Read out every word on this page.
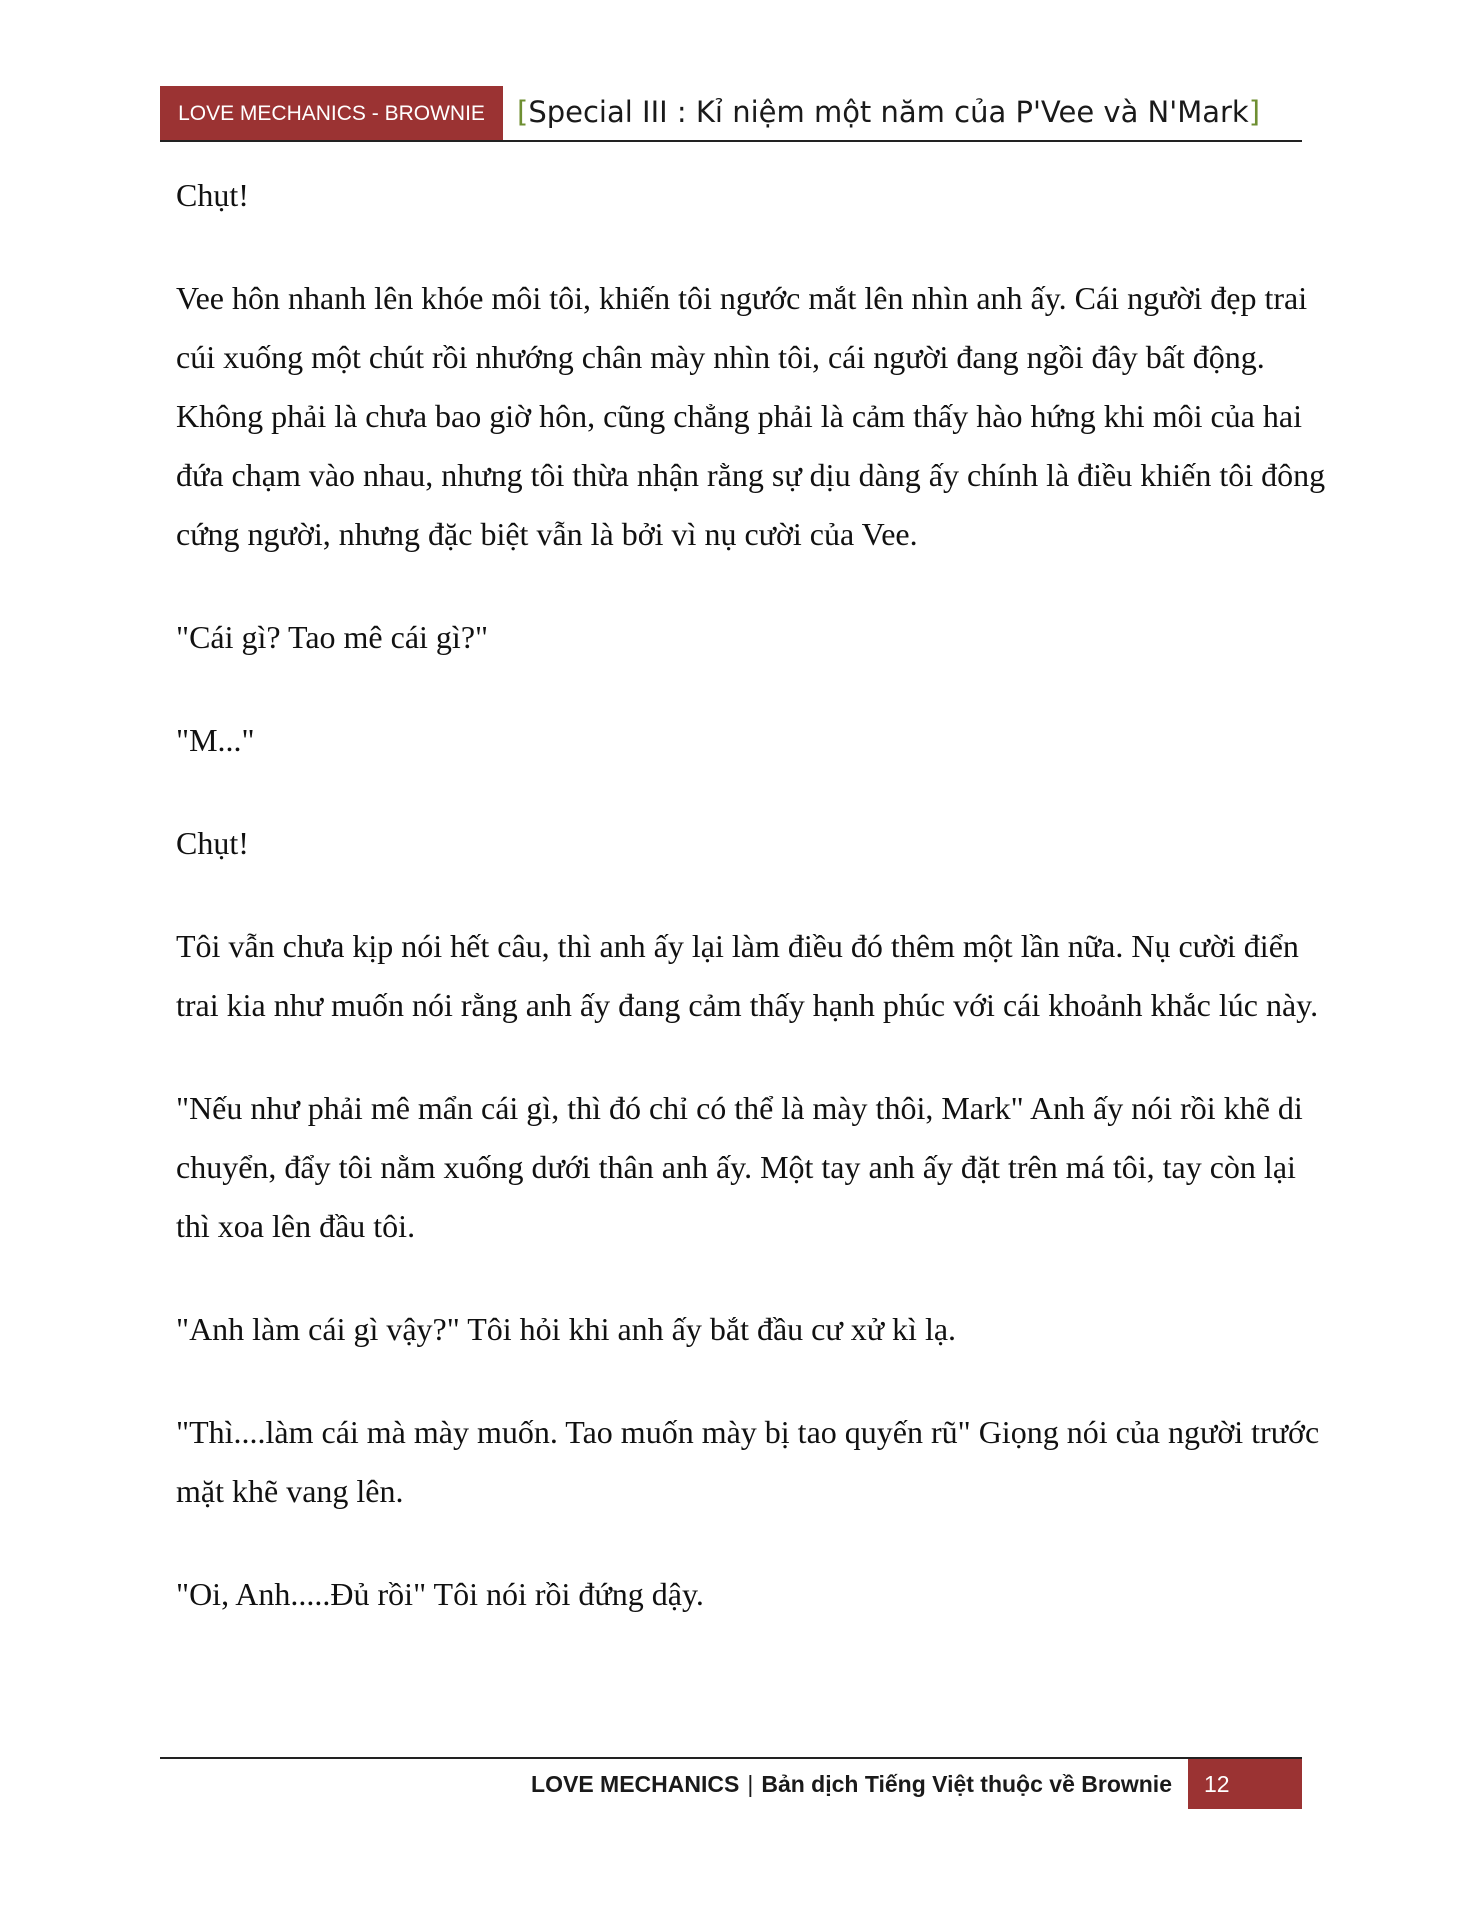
LOVE MECHANICS - BROWNIE	[Special III : Kỉ niệm một năm của P'Vee và N'Mark]

Chụt!

Vee hôn nhanh lên khóe môi tôi, khiến tôi ngước mắt lên nhìn anh ấy. Cái người đẹp trai cúi xuống một chút rồi nhướng chân mày nhìn tôi, cái người đang ngồi đây bất động. Không phải là chưa bao giờ hôn, cũng chẳng phải là cảm thấy hào hứng khi môi của hai đứa chạm vào nhau, nhưng tôi thừa nhận rằng sự dịu dàng ấy chính là điều khiến tôi đông cứng người, nhưng đặc biệt vẫn là bởi vì nụ cười của Vee.

"Cái gì? Tao mê cái gì?"

"M..."

Chụt!

Tôi vẫn chưa kịp nói hết câu, thì anh ấy lại làm điều đó thêm một lần nữa. Nụ cười điển trai kia như muốn nói rằng anh ấy đang cảm thấy hạnh phúc với cái khoảnh khắc lúc này.

"Nếu như phải mê mẩn cái gì, thì đó chỉ có thể là mày thôi, Mark" Anh ấy nói rồi khẽ di chuyển, đẩy tôi nằm xuống dưới thân anh ấy. Một tay anh ấy đặt trên má tôi, tay còn lại thì xoa lên đầu tôi.

"Anh làm cái gì vậy?" Tôi hỏi khi anh ấy bắt đầu cư xử kì lạ.

"Thì....làm cái mà mày muốn. Tao muốn mày bị tao quyến rũ" Giọng nói của người trước mặt khẽ vang lên.

"Oi, Anh.....Đủ rồi" Tôi nói rồi đứng dậy.

LOVE MECHANICS | Bản dịch Tiếng Việt thuộc về Brownie	12
